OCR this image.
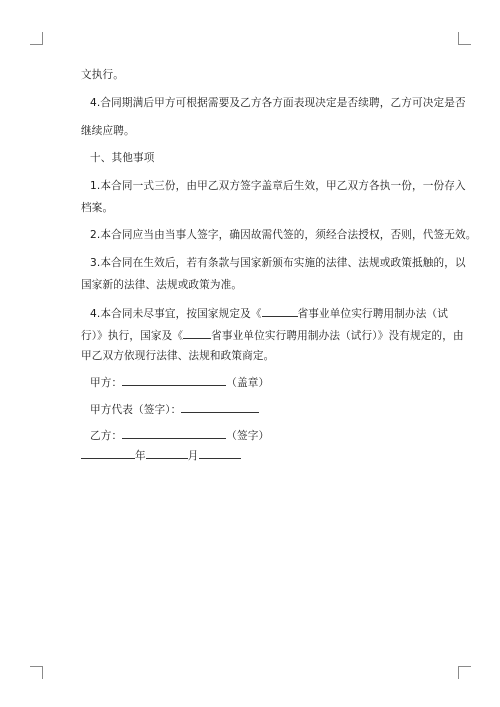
文执行。
4.合同期满后甲方可根据需要及乙方各方面表现决定是否续聘，乙方可决定是否
继续应聘。
十、其他事项
1.本合同一式三份，由甲乙双方签字盖章后生效，甲乙双方各执一份，一份存入
档案。
2.本合同应当由当事人签字，确因故需代签的，须经合法授权，否则，代签无效。
3.本合同在生效后，若有条款与国家新颁布实施的法律、法规或政策抵触的，以
国家新的法律、法规或政策为准。
4.本合同未尽事宜，按国家规定及《	省事业单位实行聘用制办法（试
行）》执行，国家及《	省事业单位实行聘用制办法（试行）》没有规定的，由
甲乙双方依现行法律、法规和政策商定。
甲方：	（盖章）
甲方代表（签字）：
乙方：	（签字）
年	月
